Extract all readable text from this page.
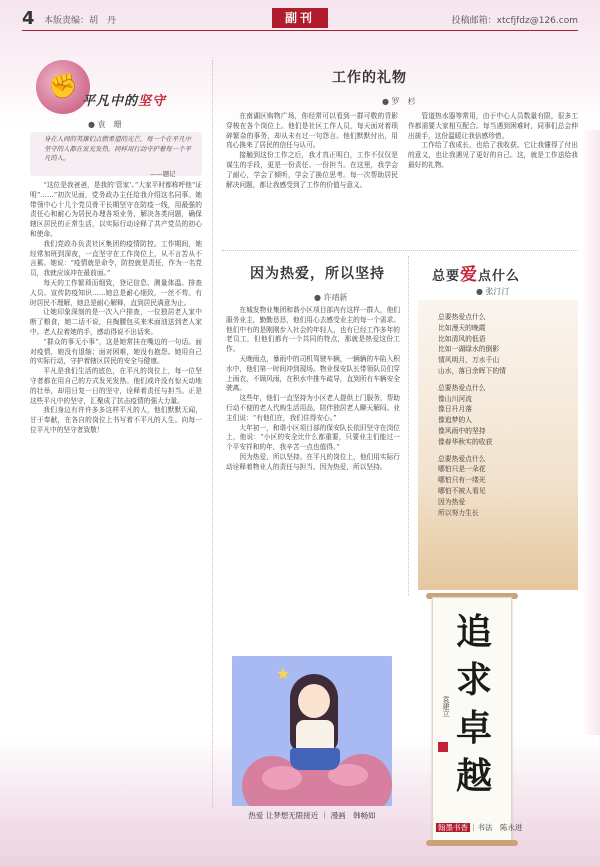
4 本版责编：胡　丹	副刊	投稿邮箱：xtcfjfdz@126.com
✊
平凡中的坚守
● 袁　珊
身在人间的英雄们点燃希望的光芒，每一个在平凡中坚守的人都在发光发热，同样用行动守护着每一个平凡的人。
——题记

“这位是我爸爸，是我的‘管家’。”大家平时都称呼他“证明”……”初次见面，党务政办主任给我介绍这名同事。她带领中心十几个党员骨干长期坚守在防疫一线，用最强的责任心和耐心为居民办理各项业务，解决各类问题，确保辖区居民的正常生活，以实际行动诠释了共产党员的初心和使命。

我们党政办负责社区集团的疫情防控。工作期间，她经常加班到深夜，一直坚守在工作岗位上，从不言苦从不言累。她说：“疫情就是命令，防控就是责任，作为一名党员，我就应该冲在最前面。”

每天的工作繁琐而细致，登记信息、测量体温、排查人员、宣传防疫知识……她总是耐心细致，一丝不苟。有时居民不理解，她总是耐心解释，直到居民满意为止。

让她印象深刻的是一次入户排查，一位独居老人家中断了粮食，她二话不说，自掏腰包买来米面油送到老人家中。老人拉着她的手，感动得说不出话来。

“群众的事无小事”，这是她常挂在嘴边的一句话。面对疫情，她没有退缩；面对困难，她没有抱怨。她用自己的实际行动，守护着辖区居民的安全与健康。

平凡是我们生活的底色，在平凡的岗位上，每一位坚守者都在用自己的方式发光发热。他们或许没有惊天动地的壮举，却用日复一日的坚守，诠释着责任与担当。正是这些平凡中的坚守，汇聚成了抗击疫情的强大力量。

我们身边有许许多多这样平凡的人，他们默默无闻，甘于奉献，在各自的岗位上书写着不平凡的人生。向每一位平凡中的坚守者致敬！

工作的礼物
● 罗　杉

在南湖区购物广场，你经常可以看到一群可敬的背影穿梭在各个岗位上。他们是社区工作人员，每天面对着琐碎繁杂的事务，却从未有过一句怨言。他们默默付出，用真心换来了居民的信任与认可。

接触到这份工作之后，我才真正明白，工作不仅仅是谋生的手段，更是一份责任、一份担当。在这里，我学会了耐心，学会了倾听，学会了换位思考。每一次帮助居民解决问题，都让我感受到了工作的价值与意义。

管道热水器等常用，由于中心人员数量有限，很多工作都需要大家相互配合。每当遇到困难时，同事们总会伸出援手，这份温暖让我倍感珍惜。

工作给了我成长，也给了我收获。它让我懂得了付出的意义，也让我遇见了更好的自己。这，就是工作送给我最好的礼物。

因为热爱，所以坚持
● 许靖新

在城发物业集团和谐小区项目部内有这样一群人，他们服务业主，勤勤恳恳，他们用心去感受业主的每一个需求。他们中有的是刚刚步入社会的年轻人，也有已经工作多年的老员工，但他们都有一个共同的特点，那就是热爱这份工作。

天晚雨点，暴雨中的司机驾驶车辆，一辆辆的车陷入积水中，他们第一时间冲到现场。物业保安队长带领队员们穿上雨衣，不顾风雨，在积水中推车疏导，直到所有车辆安全驶离。

这些年，他们一直坚持为小区老人提供上门服务，帮助行动不便的老人代购生活用品，陪伴独居老人聊天解闷。业主们说：“有他们在，我们住得安心。”

大年初一，和谐小区项目部的保安队长依旧坚守在岗位上，他说：“小区的安全比什么都重要，只要业主们能过一个平安祥和的年，我辛苦一点也值得。”

因为热爱，所以坚持。在平凡的岗位上，他们用实际行动诠释着物业人的责任与担当。因为热爱，所以坚持。

★
热爱 让梦想无限接近 ｜ 漫画　韩畅如
总要爱点什么
● 张汀汀
总要热爱点什么
比如漫天的晚霞
比如清风的低语
比如一湖绿水的倒影
情风明月，万水千山
山水，落日余晖下的情
总要热爱点什么
像山川河流
像日升月落
像追梦的人
像风雨中的坚持
像春华秋实的收获
总要热爱点什么
哪怕只是一朵花
哪怕只有一缕光
哪怕不被人看见
因为热爱
所以努力生长
追
求
卓
越
袁建立
翰墨书香 ｜书法　陈永进
